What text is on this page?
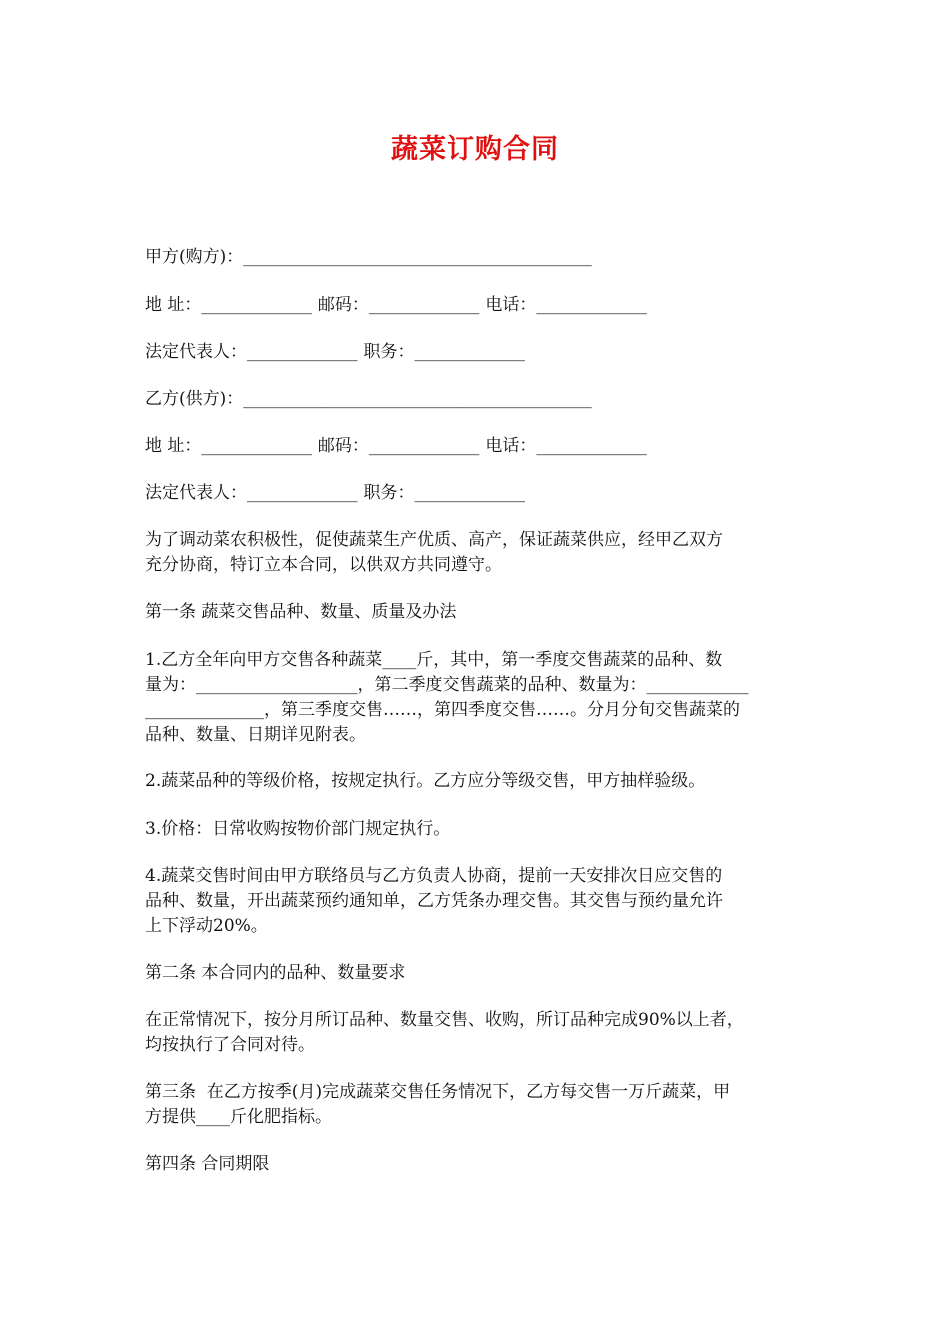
蔬菜订购合同
甲方(购方)：_________________________________________
地 址：_____________ 邮码：_____________ 电话：_____________
法定代表人：_____________ 职务：_____________
乙方(供方)：_________________________________________
地 址：_____________ 邮码：_____________ 电话：_____________
法定代表人：_____________ 职务：_____________
为了调动菜农积极性，促使蔬菜生产优质、高产，保证蔬菜供应，经甲乙双方
充分协商，特订立本合同，以供双方共同遵守。
第一条 蔬菜交售品种、数量、质量及办法
1.乙方全年向甲方交售各种蔬菜____斤，其中，第一季度交售蔬菜的品种、数
量为：___________________，第二季度交售蔬菜的品种、数量为：____________
______________，第三季度交售……，第四季度交售……。分月分旬交售蔬菜的
品种、数量、日期详见附表。
2.蔬菜品种的等级价格，按规定执行。乙方应分等级交售，甲方抽样验级。
3.价格：日常收购按物价部门规定执行。
4.蔬菜交售时间由甲方联络员与乙方负责人协商，提前一天安排次日应交售的
品种、数量，开出蔬菜预约通知单，乙方凭条办理交售。其交售与预约量允许
上下浮动20%。
第二条 本合同内的品种、数量要求
在正常情况下，按分月所订品种、数量交售、收购，所订品种完成90%以上者，
均按执行了合同对待。
第三条  在乙方按季(月)完成蔬菜交售任务情况下，乙方每交售一万斤蔬菜，甲
方提供____斤化肥指标。
第四条 合同期限
